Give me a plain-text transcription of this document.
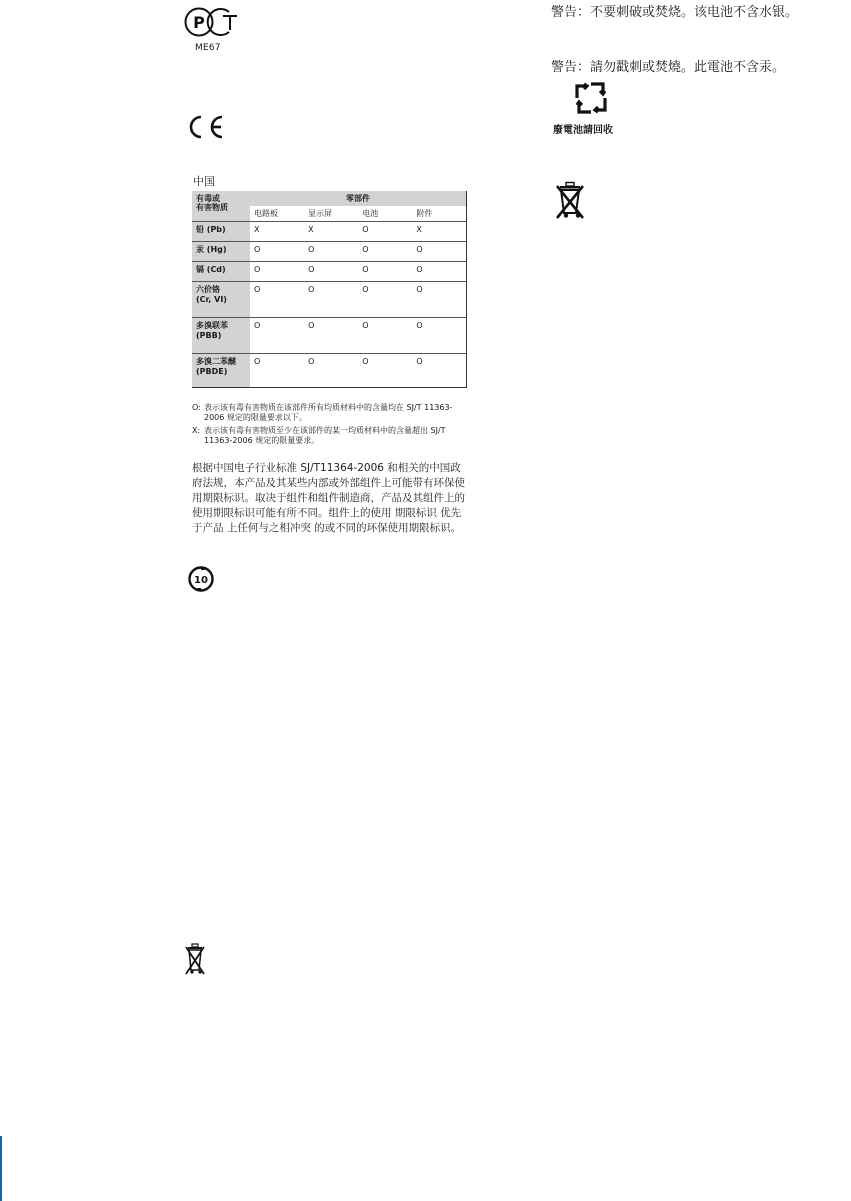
P
ME67
中国
有毒或
有害物质	零部件			
	电路板	显示屏	电池	附件
铅 (Pb)	X	X	O	X
汞 (Hg)	O	O	O	O
镉 (Cd)	O	O	O	O
六价铬
(Cr, VI)	O	O	O	O
多溴联苯
(PBB)	O	O	O	O
多溴二苯醚
(PBDE)	O	O	O	O
O: 表示该有毒有害物质在该部件所有均质材料中的含量均在 SJ/T 11363-2006 规定的限量要求以下。
X: 表示该有毒有害物质至少在该部件的某一均质材料中的含量超出 SJ/T 11363-2006 规定的限量要求。
根据中国电子行业标准 SJ/T11364-2006 和相关的中国政府法规，本产品及其某些内部或外部组件上可能带有环保使用期限标识。取决于组件和组件制造商，产品及其组件上的使用期限标识可能有所不同。组件上的使用 期限标识 优先于产品 上任何与之相冲突 的或不同的环保使用期限标识。
10
警告：不要刺破或焚烧。该电池不含水银。
警告：請勿戳刺或焚燒。此電池不含汞。
廢電池請回收
